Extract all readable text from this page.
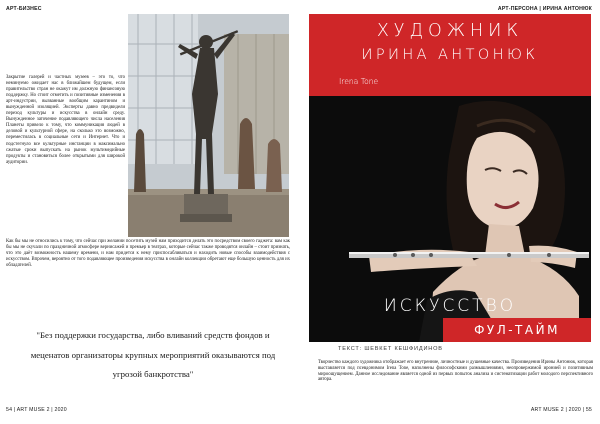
АРТ-БИЗНЕС	АРТ-ПЕРСОНА | ИРИНА АНТОНЮК
Закрытие галерей и частных музеев – это то, что неминуемо ожидает нас в ближайшем будущем, если правительство стран не окажут им должную финансовую поддержку. Но стоит отметить и позитивные изменения в арт-индустрии, вызванные вообщим карантином и вынужденной изоляцией. Эксперты давно предвидели переход культуры и искусства в онлайн среду. Вынужденное заточение подавляющего числа населения Планеты привело к тому, что коммуникация людей в деловой и культурной сфере, на сколько это возможно, переместилась в социальные сети и Интернет. Что и подстегнуло все культурные инстанции в максимально сжатые сроки выпускать на рынок мультимедийные продукты и становиться более открытыми для широкой аудитории.
Как бы мы не относились к тому, что сейчас при желании посетить музей нам приходится делать это посредством своего гаджета: вам как бы мы не скучали по праздничной атмосфере вернисажей и премьер в театрах, которые сейчас также проводятся онлайн – стоит признать, что это даёт возможность нашему времени, и нам придется к нему приспосабливаться и находить новые способы взаимодействия с искусством. Впрочем, вероятно от того подавляющее произведения искусства в онлайн коллекции обретают еще большую ценность для их обладателей.
"Без поддержки государства, либо вливаний средств фондов и меценатов организаторы крупных мероприятий оказываются под угрозой банкротства"
ХУДОЖНИК
ИРИНА АНТОНЮК
Irena Tone
ИСКУССТВО
ФУЛ-ТАЙМ
ТЕКСТ: ШЕВКЕТ КЕШФИДИНОВ
Творчество каждого художника отображает его внутренние, личностные и душевные качества. Произведения Ирины Антонюк, которая выставляется под псевдонимом Irena Tone, наполнены философскими размышлениями, неопровержимой иронией и позитивным мироощущением. Данное исследование является одной из первых попыток анализа и систематизации работ молодого перспективного автора.
54 | ART MUSE 2 | 2020	ART MUSE 2 | 2020 | 55
